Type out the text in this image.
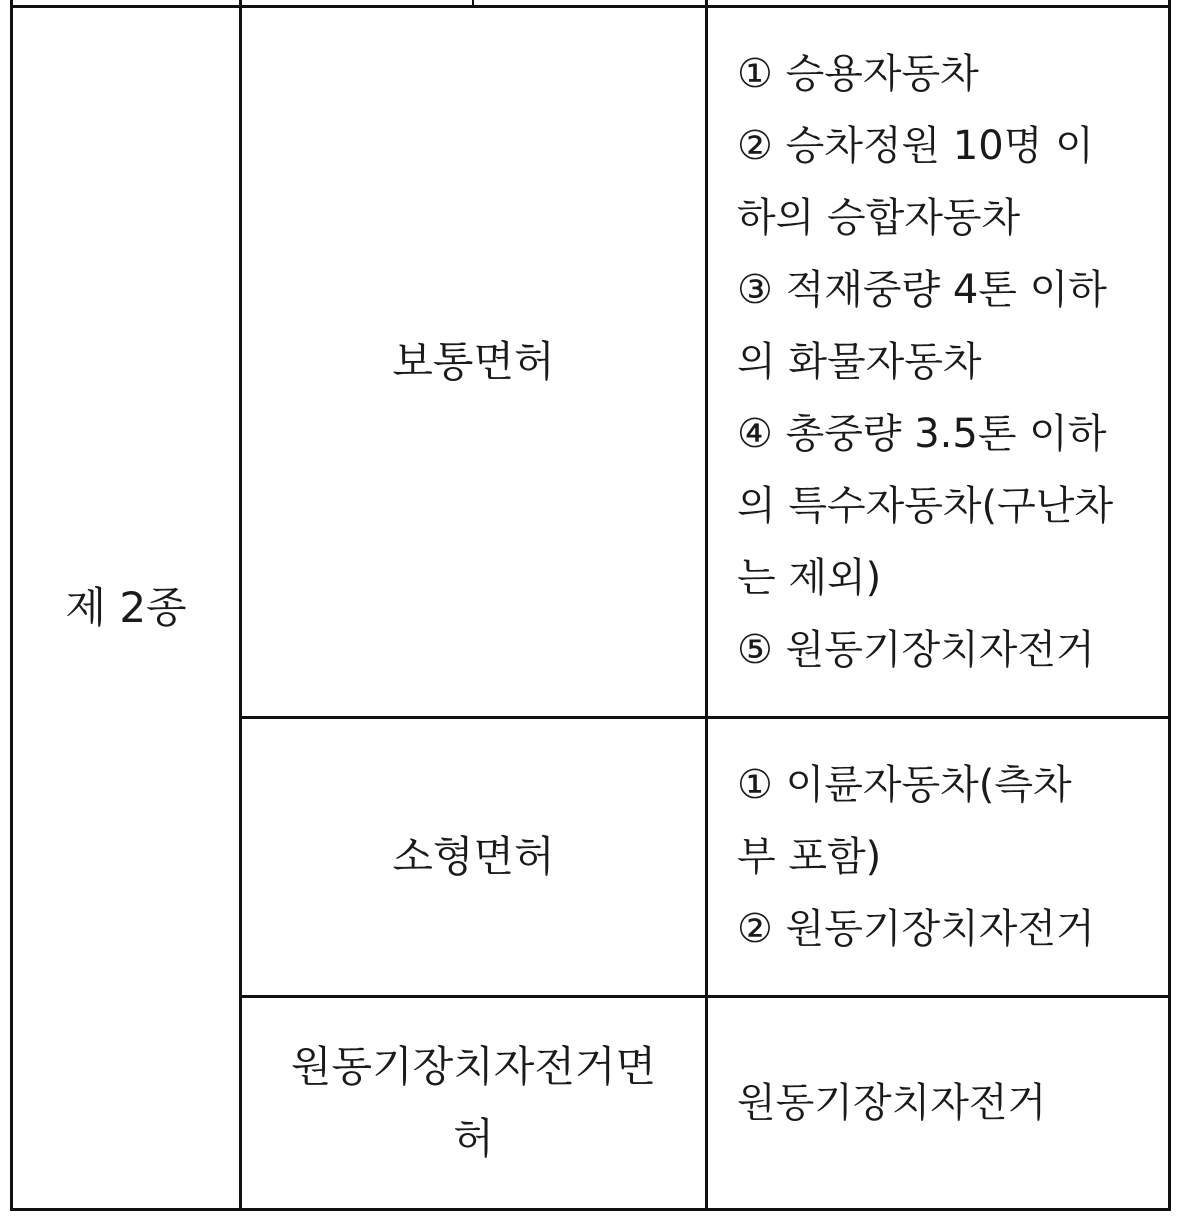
제 2종
보통면허
① 승용자동차
② 승차정원 10명 이
하의 승합자동차
③ 적재중량 4톤 이하
의 화물자동차
④ 총중량 3.5톤 이하
의 특수자동차(구난차
는 제외)
⑤ 원동기장치자전거
소형면허
① 이륜자동차(측차
부 포함)
② 원동기장치자전거
원동기장치자전거면
허
원동기장치자전거
